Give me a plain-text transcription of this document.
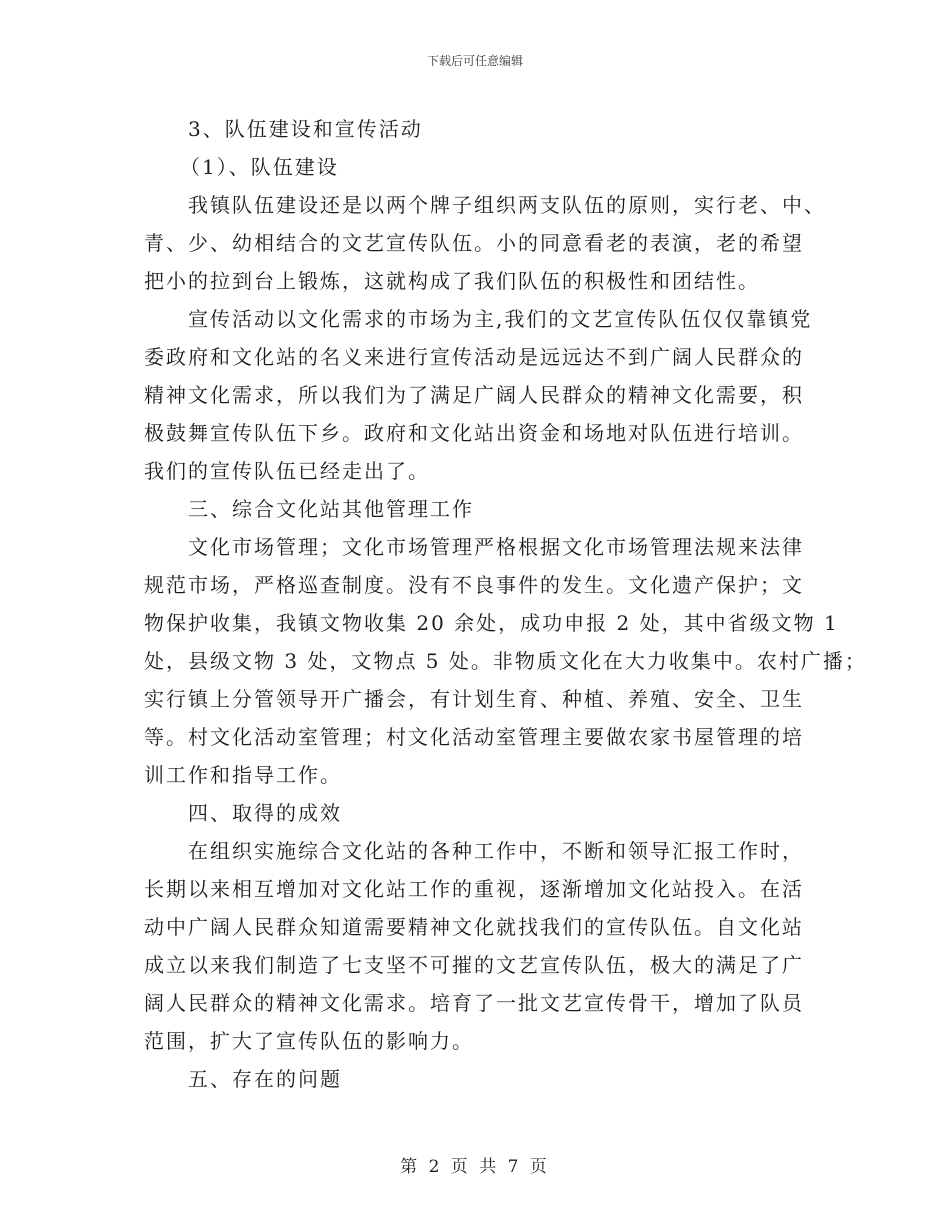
下载后可任意编辑
3、队伍建设和宣传活动
（1）、队伍建设
我镇队伍建设还是以两个牌子组织两支队伍的原则，实行老、中、
青、少、幼相结合的文艺宣传队伍。小的同意看老的表演，老的希望
把小的拉到台上锻炼，这就构成了我们队伍的积极性和团结性。
宣传活动以文化需求的市场为主,我们的文艺宣传队伍仅仅靠镇党
委政府和文化站的名义来进行宣传活动是远远达不到广阔人民群众的
精神文化需求，所以我们为了满足广阔人民群众的精神文化需要，积
极鼓舞宣传队伍下乡。政府和文化站出资金和场地对队伍进行培训。
我们的宣传队伍已经走出了。
三、综合文化站其他管理工作
文化市场管理；文化市场管理严格根据文化市场管理法规来法律
规范市场，严格巡查制度。没有不良事件的发生。文化遗产保护；文
物保护收集，我镇文物收集 20 余处，成功申报 2 处，其中省级文物 1
处，县级文物 3 处，文物点 5 处。非物质文化在大力收集中。农村广播；
实行镇上分管领导开广播会，有计划生育、种植、养殖、安全、卫生
等。村文化活动室管理；村文化活动室管理主要做农家书屋管理的培
训工作和指导工作。
四、取得的成效
在组织实施综合文化站的各种工作中，不断和领导汇报工作时，
长期以来相互增加对文化站工作的重视，逐渐增加文化站投入。在活
动中广阔人民群众知道需要精神文化就找我们的宣传队伍。自文化站
成立以来我们制造了七支坚不可摧的文艺宣传队伍，极大的满足了广
阔人民群众的精神文化需求。培育了一批文艺宣传骨干，增加了队员
范围，扩大了宣传队伍的影响力。
五、存在的问题
第 2 页 共 7 页
